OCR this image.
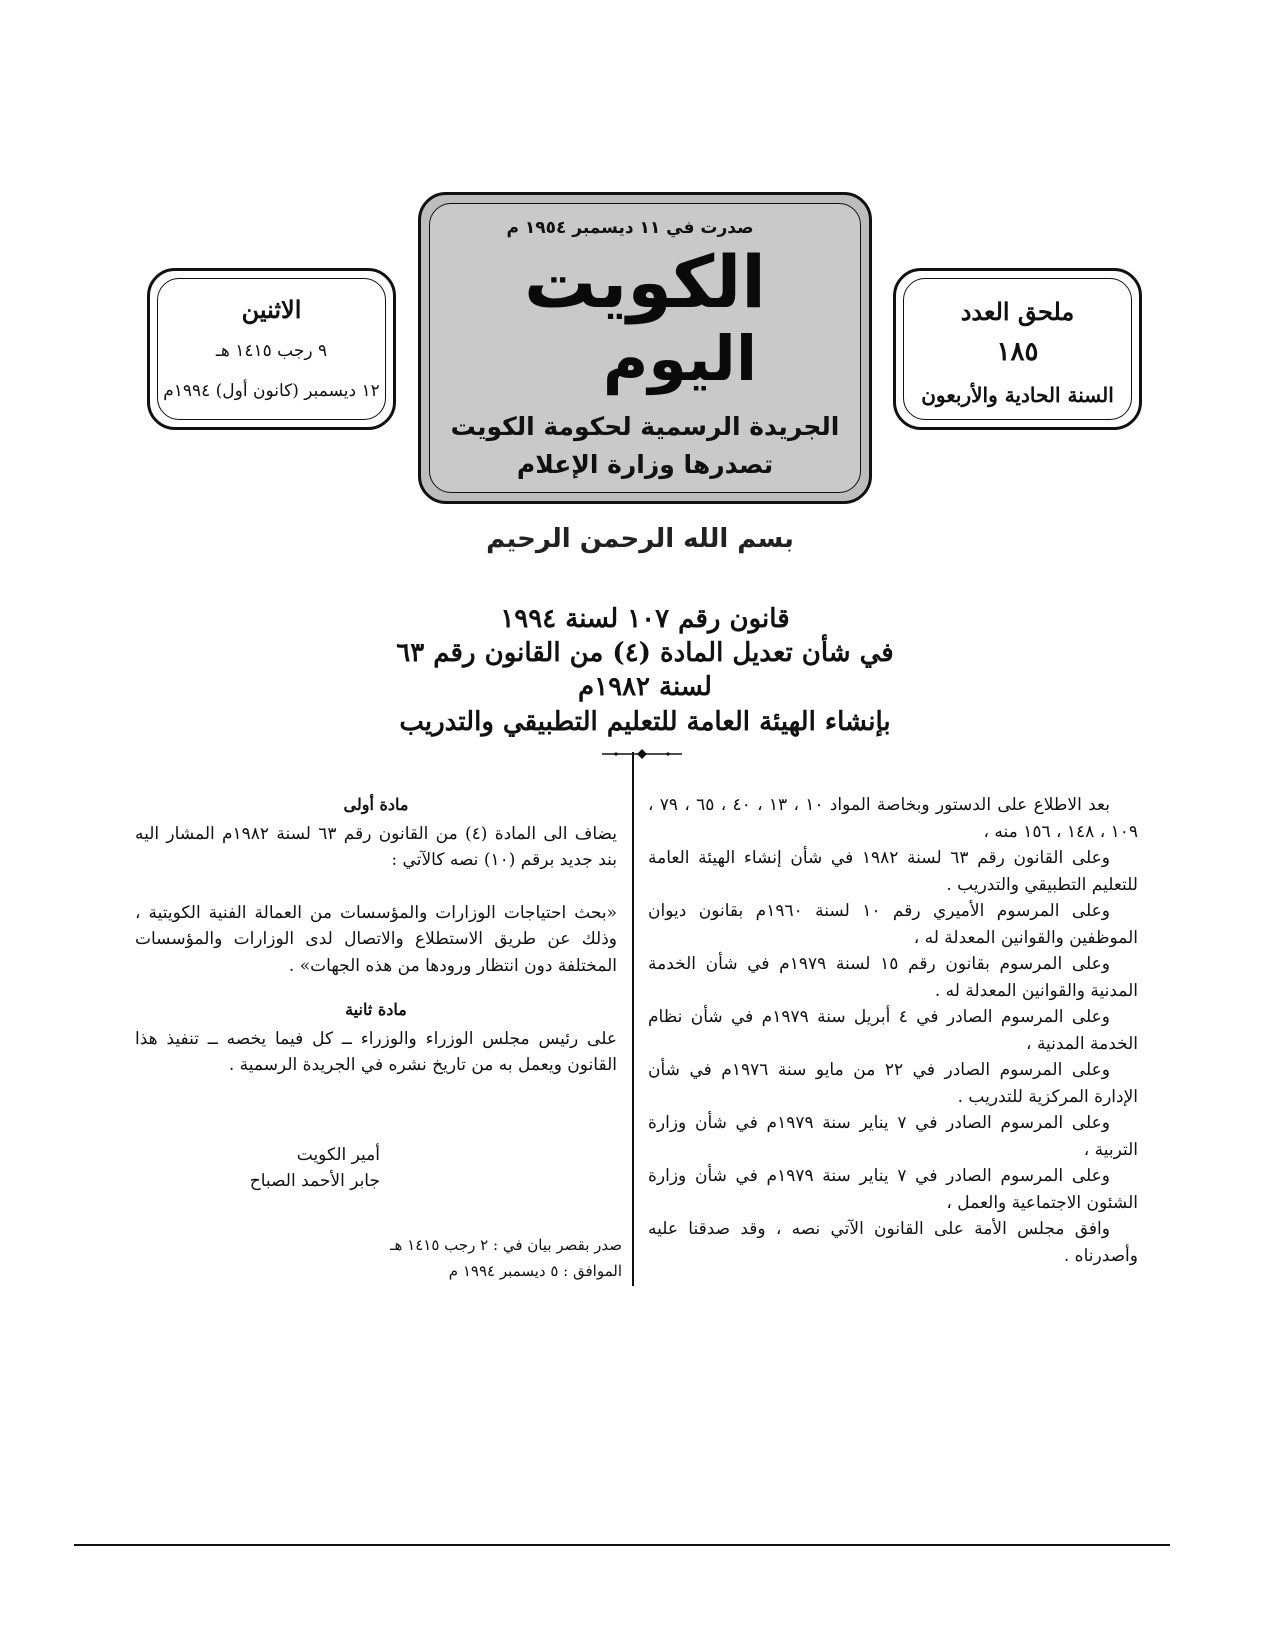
صدرت في ١١ ديسمبر ١٩٥٤ م
الكويت
اليوم
الجريدة الرسمية لحكومة الكويت
تصدرها وزارة الإعلام
ملحق العدد
١٨٥
السنة الحادية والأربعون
الاثنين
٩ رجب ١٤١٥ هـ
١٢ ديسمبر (كانون أول) ١٩٩٤م
بسم الله الرحمن الرحيم
قانون رقم ١٠٧ لسنة ١٩٩٤
في شأن تعديل المادة (٤) من القانون رقم ٦٣
لسنة ١٩٨٢م
بإنشاء الهيئة العامة للتعليم التطبيقي والتدريب

بعد الاطلاع على الدستور وبخاصة المواد ١٠ ، ١٣ ، ٤٠ ، ٦٥ ، ٧٩ ، ١٠٩ ، ١٤٨ ، ١٥٦ منه ،

وعلى القانون رقم ٦٣ لسنة ١٩٨٢ في شأن إنشاء الهيئة العامة للتعليم التطبيقي والتدريب .

وعلى المرسوم الأميري رقم ١٠ لسنة ١٩٦٠م بقانون ديوان الموظفين والقوانين المعدلة له ،

وعلى المرسوم بقانون رقم ١٥ لسنة ١٩٧٩م في شأن الخدمة المدنية والقوانين المعدلة له .

وعلى المرسوم الصادر في ٤ أبريل سنة ١٩٧٩م في شأن نظام الخدمة المدنية ،

وعلى المرسوم الصادر في ٢٢ من مايو سنة ١٩٧٦م في شأن الإدارة المركزية للتدريب .

وعلى المرسوم الصادر في ٧ يناير سنة ١٩٧٩م في شأن وزارة التربية ،

وعلى المرسوم الصادر في ٧ يناير سنة ١٩٧٩م في شأن وزارة الشئون الاجتماعية والعمل ،

وافق مجلس الأمة على القانون الآتي نصه ، وقد صدقنا عليه وأصدرناه .

مادة أولى

يضاف الى المادة (٤) من القانون رقم ٦٣ لسنة ١٩٨٢م المشار اليه بند جديد برقم (١٠) نصه كالآتي :

«بحث احتياجات الوزارات والمؤسسات من العمالة الفنية الكويتية ، وذلك عن طريق الاستطلاع والاتصال لدى الوزارات والمؤسسات المختلفة دون انتظار ورودها من هذه الجهات» .

مادة ثانية

على رئيس مجلس الوزراء والوزراء ــ كل فيما يخصه ــ تنفيذ هذا القانون ويعمل به من تاريخ نشره في الجريدة الرسمية .

أمير الكويت
جابر الأحمد الصباح
صدر بقصر بيان في : ٢ رجب ١٤١٥ هـ
الموافق : ٥ ديسمبر ١٩٩٤ م
